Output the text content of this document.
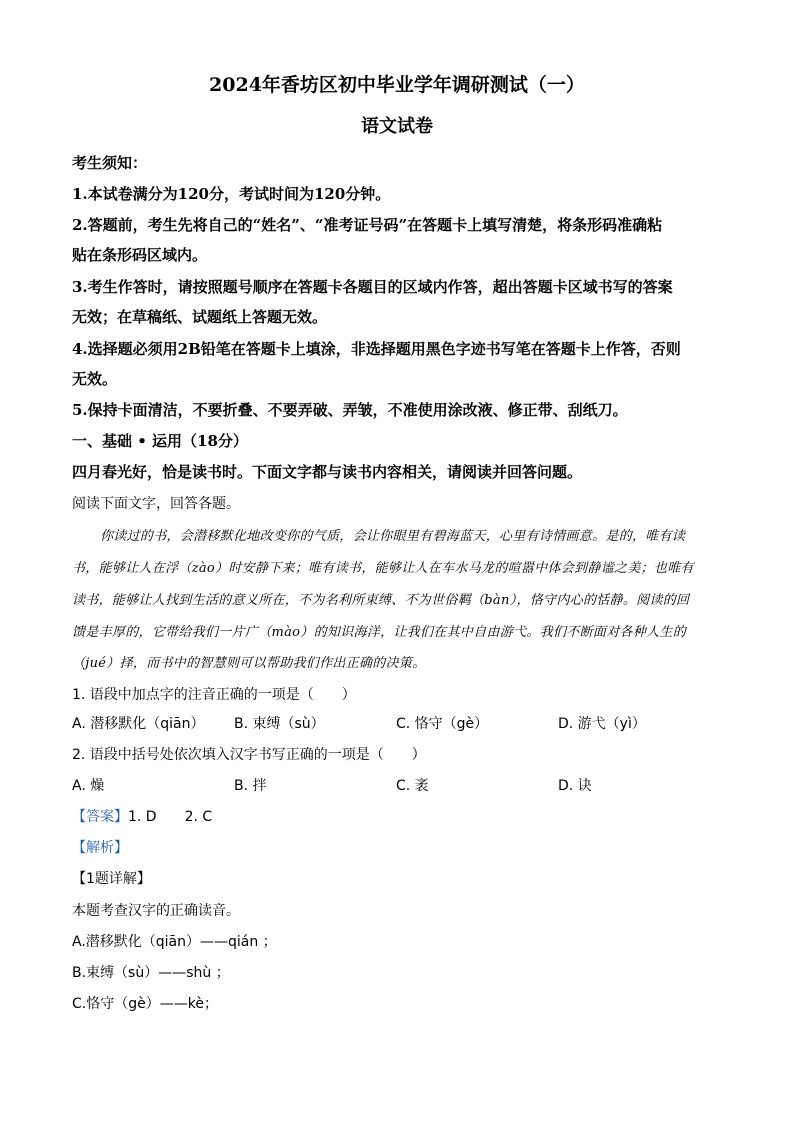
2024年香坊区初中毕业学年调研测试（一）
语文试卷
考生须知：
1.本试卷满分为120分，考试时间为120分钟。
2.答题前，考生先将自己的“姓名”、“准考证号码”在答题卡上填写清楚，将条形码准确粘
贴在条形码区域内。
3.考生作答时，请按照题号顺序在答题卡各题目的区域内作答，超出答题卡区域书写的答案
无效；在草稿纸、试题纸上答题无效。
4.选择题必须用2B铅笔在答题卡上填涂，非选择题用黑色字迹书写笔在答题卡上作答，否则
无效。
5.保持卡面清洁，不要折叠、不要弄破、弄皱，不准使用涂改液、修正带、刮纸刀。
一、基础 • 运用（18分）
四月春光好，恰是读书时。下面文字都与读书内容相关，请阅读并回答问题。
阅读下面文字，回答各题。
你读过的书，会潜移默化地改变你的气质，会让你眼里有碧海蓝天，心里有诗情画意。是的，唯有读
书，能够让人在浮（zào）时安静下来；唯有读书，能够让人在车水马龙的喧嚣中体会到静谧之美；也唯有
读书，能够让人找到生活的意义所在，不为名利所束缚、不为世俗羁（bàn），恪守内心的恬静。阅读的回
馈是丰厚的，它带给我们一片广（mào）的知识海洋，让我们在其中自由游弋。我们不断面对各种人生的
（jué）择，而书中的智慧则可以帮助我们作出正确的决策。
1. 语段中加点字的注音正确的一项是（　　）
A. 潜移默化（qiān） B. 束缚（sù）	C. 恪守（gè）	D. 游弋（yì）
2. 语段中括号处依次填入汉字书写正确的一项是（　　）
A. 燥	B. 拌	C. 袤	D. 诀
【答案】1. D　　2. C
【解析】
【1题详解】
本题考查汉字的正确读音。
A.潜移默化（qiān）——qián ；
B.束缚（sù）——shù ；
C.恪守（gè）——kè；
